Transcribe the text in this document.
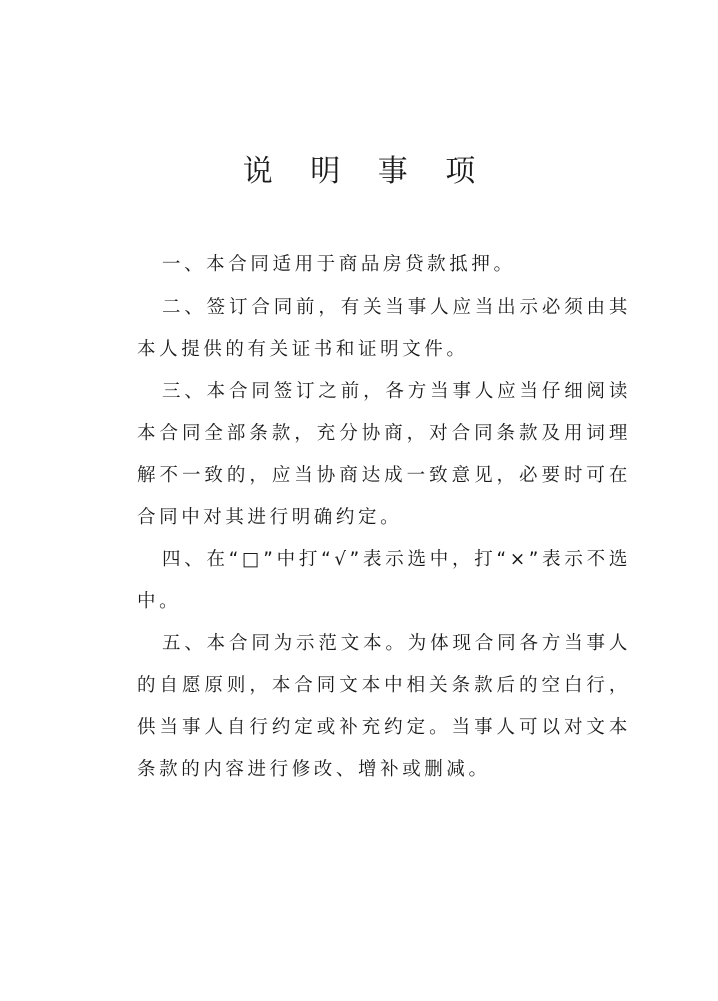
说 明 事 项

一、本合同适用于商品房贷款抵押。

二、签订合同前，有关当事人应当出示必须由其本人提供的有关证书和证明文件。

三、本合同签订之前，各方当事人应当仔细阅读本合同全部条款，充分协商，对合同条款及用词理解不一致的，应当协商达成一致意见，必要时可在合同中对其进行明确约定。

四、在“□”中打“√”表示选中，打“×”表示不选中。

五、本合同为示范文本。为体现合同各方当事人的自愿原则，本合同文本中相关条款后的空白行，供当事人自行约定或补充约定。当事人可以对文本条款的内容进行修改、增补或删减。
